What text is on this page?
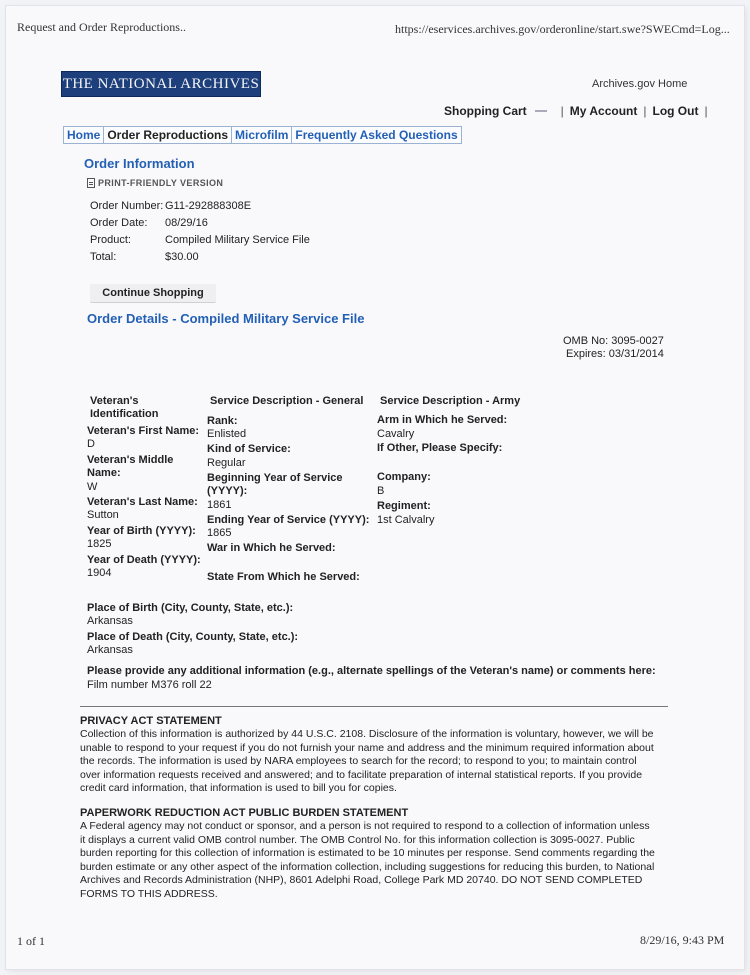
Request and Order Reproductions..	https://eservices.archives.gov/orderonline/start.swe?SWECmd=Log...
THE NATIONAL ARCHIVES	Archives.gov Home
Shopping Cart	| My Account | Log Out |
Home Order Reproductions Microfilm Frequently Asked Questions
Order Information
PRINT-FRIENDLY VERSION
Order Number: G11-292888308E
Order Date: 08/29/16
Product:	Compiled Military Service File
Total:	$30.00
Continue Shopping
Order Details - Compiled Military Service File
OMB No: 3095-0027
Expires: 03/31/2014
Veteran's
Identification
Veteran's First Name:
D
Veteran's Middle
Name:
W
Veteran's Last Name:
Sutton
Year of Birth (YYYY):
1825
Year of Death (YYYY):
1904
Service Description - General
Rank:
Enlisted
Kind of Service:
Regular
Beginning Year of Service
(YYYY):
1861
Ending Year of Service (YYYY):
1865
War in Which he Served:
State From Which he Served:
Service Description - Army
Arm in Which he Served:
Cavalry
If Other, Please Specify:
Company:
B
Regiment:
1st Calvalry
Place of Birth (City, County, State, etc.):
Arkansas
Place of Death (City, County, State, etc.):
Arkansas
Please provide any additional information (e.g., alternate spellings of the Veteran's name) or comments here:
Film number M376 roll 22
PRIVACY ACT STATEMENT
Collection of this information is authorized by 44 U.S.C. 2108. Disclosure of the information is voluntary, however, we will be
unable to respond to your request if you do not furnish your name and address and the minimum required information about
the records. The information is used by NARA employees to search for the record; to respond to you; to maintain control
over information requests received and answered; and to facilitate preparation of internal statistical reports. If you provide
credit card information, that information is used to bill you for copies.
PAPERWORK REDUCTION ACT PUBLIC BURDEN STATEMENT
A Federal agency may not conduct or sponsor, and a person is not required to respond to a collection of information unless
it displays a current valid OMB control number. The OMB Control No. for this information collection is 3095-0027. Public
burden reporting for this collection of information is estimated to be 10 minutes per response. Send comments regarding the
burden estimate or any other aspect of the information collection, including suggestions for reducing this burden, to National
Archives and Records Administration (NHP), 8601 Adelphi Road, College Park MD 20740. DO NOT SEND COMPLETED
FORMS TO THIS ADDRESS.
1 of 1	8/29/16, 9:43 PM
